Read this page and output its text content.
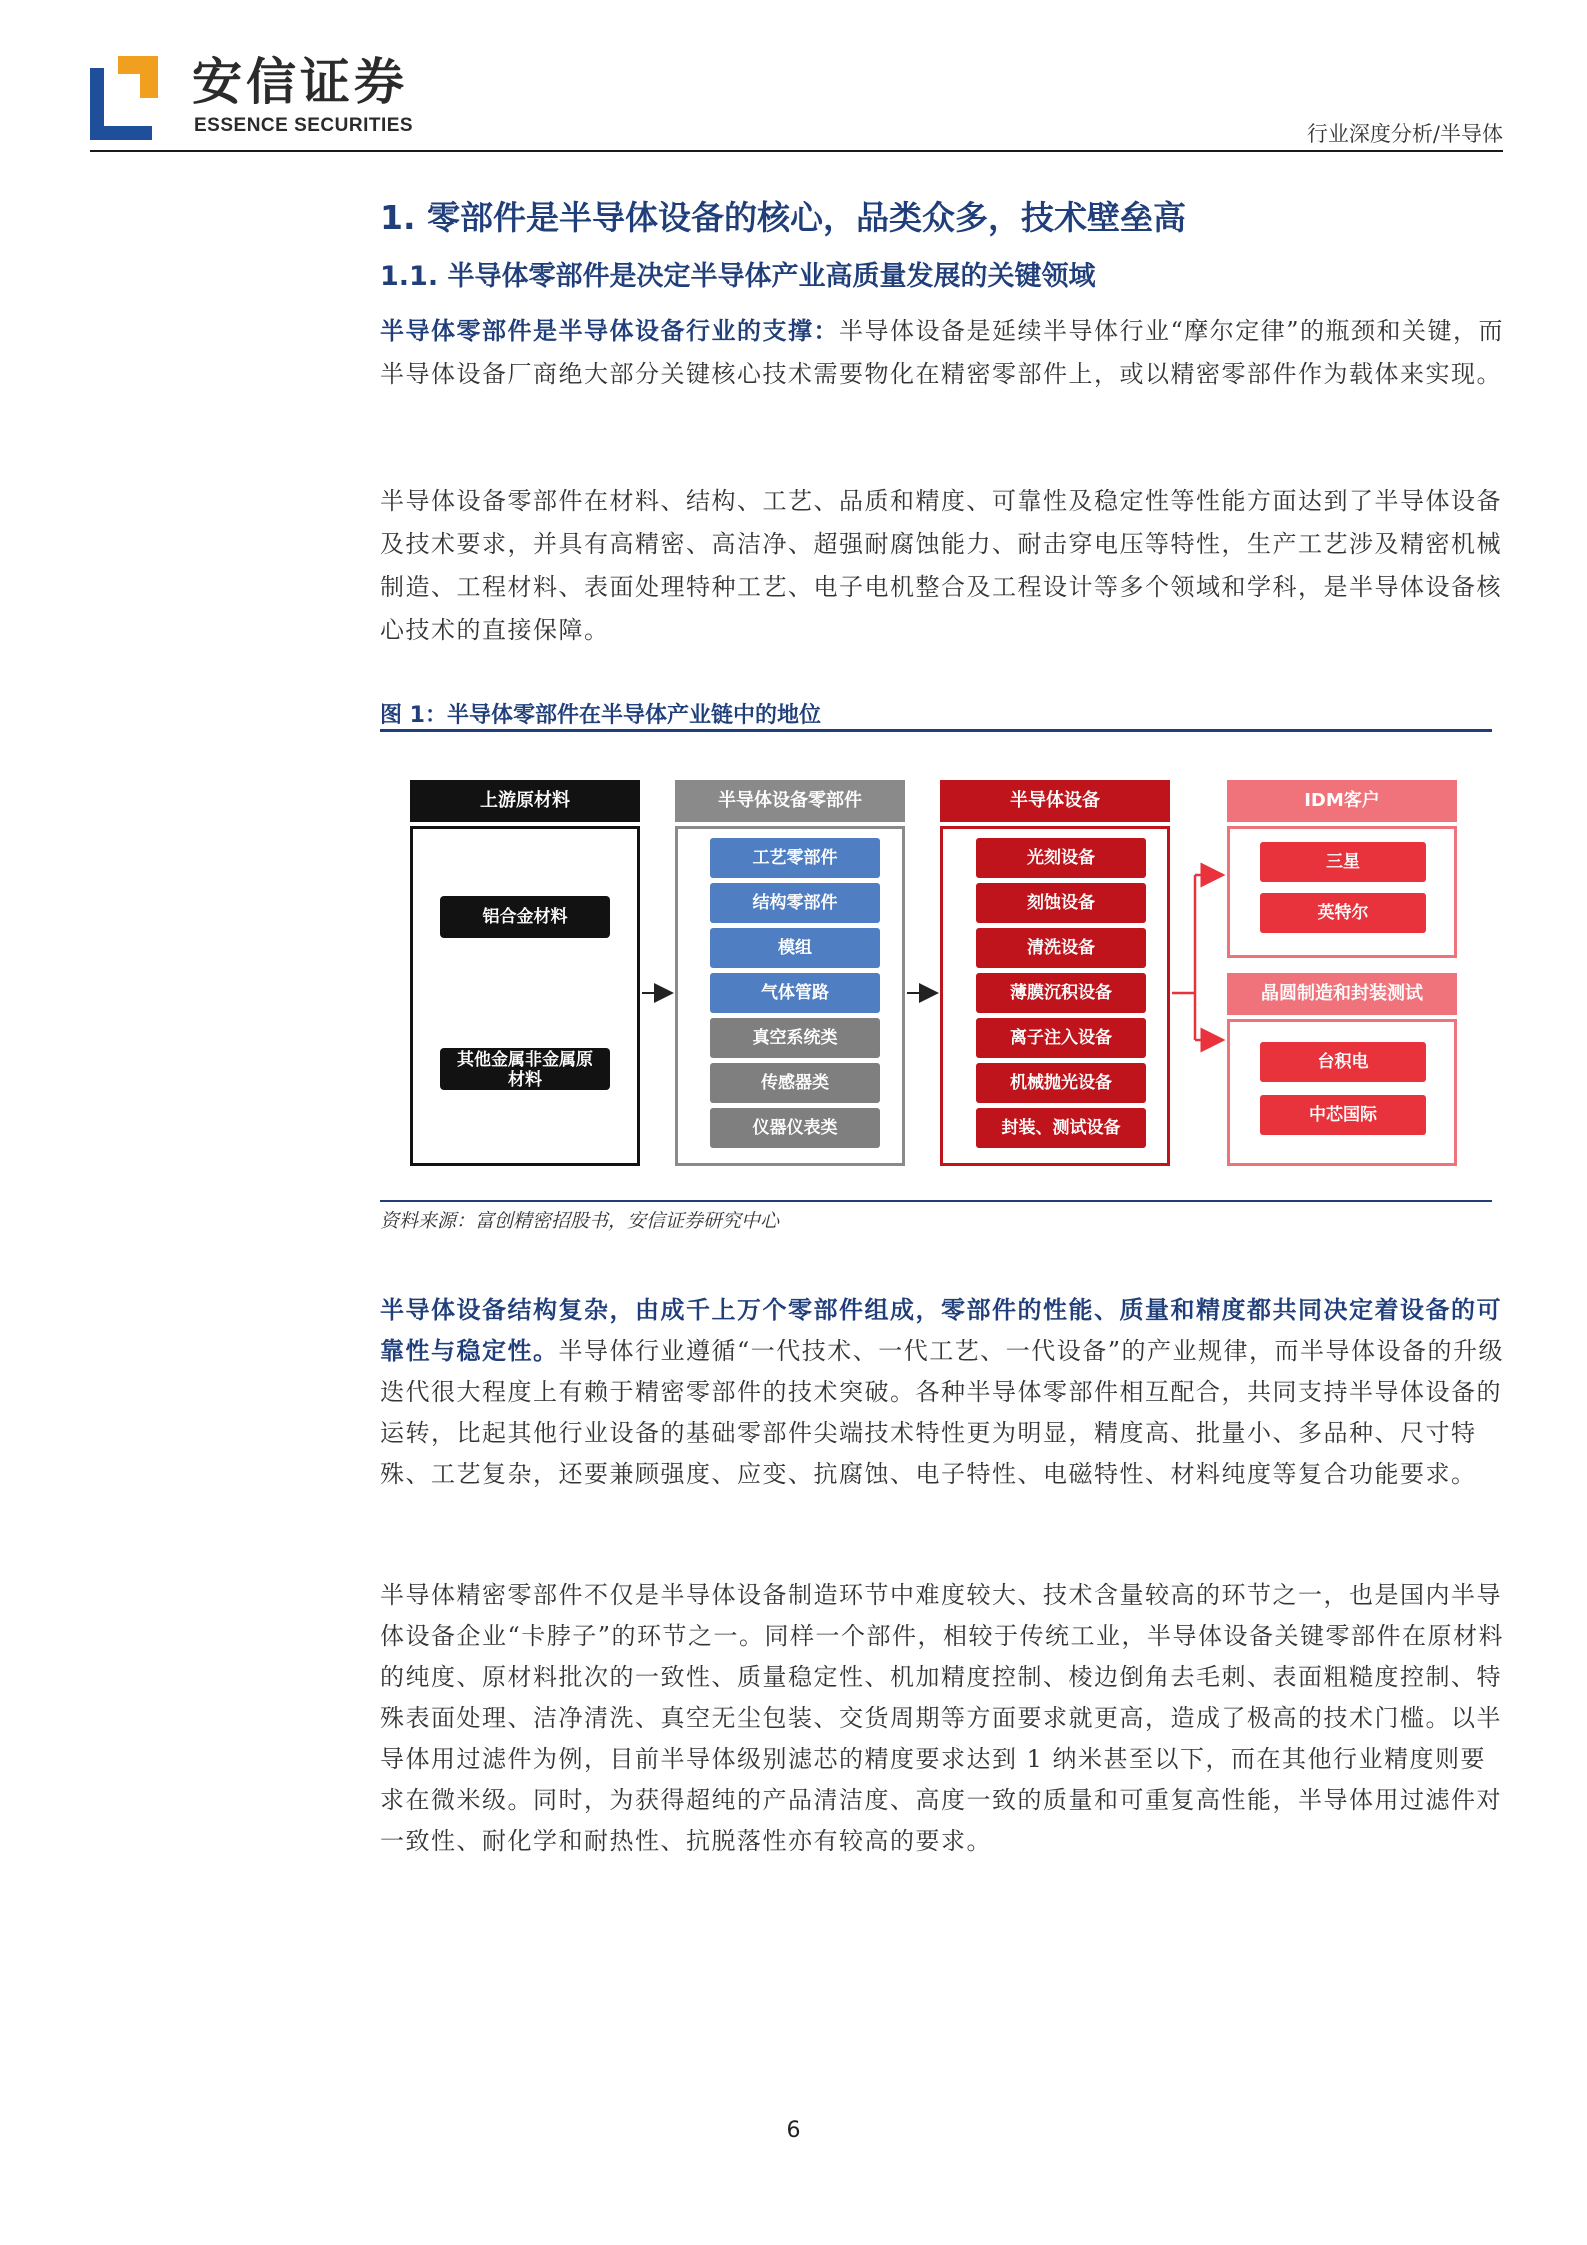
安信证券
ESSENCE SECURITIES	行业深度分析/半导体
1. 零部件是半导体设备的核心，品类众多，技术壁垒高
1.1. 半导体零部件是决定半导体产业高质量发展的关键领域

半导体零部件是半导体设备行业的支撑：半导体设备是延续半导体行业“摩尔定律”的瓶颈和关键，而半导体设备厂商绝大部分关键核心技术需要物化在精密零部件上，或以精密零部件作为载体来实现。

半导体设备零部件在材料、结构、工艺、品质和精度、可靠性及稳定性等性能方面达到了半导体设备及技术要求，并具有高精密、高洁净、超强耐腐蚀能力、耐击穿电压等特性，生产工艺涉及精密机械制造、工程材料、表面处理特种工艺、电子电机整合及工程设计等多个领域和学科，是半导体设备核心技术的直接保障。

图 1：半导体零部件在半导体产业链中的地位
上游原材料
铝合金材料
其他金属非金属原材料
半导体设备零部件
工艺零部件
结构零部件
模组
气体管路
真空系统类
传感器类
仪器仪表类
半导体设备
光刻设备
刻蚀设备
清洗设备
薄膜沉积设备
离子注入设备
机械抛光设备
封装、测试设备
IDM客户
三星
英特尔
晶圆制造和封装测试
台积电
中芯国际
资料来源：富创精密招股书，安信证券研究中心

半导体设备结构复杂，由成千上万个零部件组成，零部件的性能、质量和精度都共同决定着设备的可靠性与稳定性。半导体行业遵循“一代技术、一代工艺、一代设备”的产业规律，而半导体设备的升级迭代很大程度上有赖于精密零部件的技术突破。各种半导体零部件相互配合，共同支持半导体设备的运转，比起其他行业设备的基础零部件尖端技术特性更为明显，精度高、批量小、多品种、尺寸特殊、工艺复杂，还要兼顾强度、应变、抗腐蚀、电子特性、电磁特性、材料纯度等复合功能要求。

半导体精密零部件不仅是半导体设备制造环节中难度较大、技术含量较高的环节之一，也是国内半导体设备企业“卡脖子”的环节之一。同样一个部件，相较于传统工业，半导体设备关键零部件在原材料的纯度、原材料批次的一致性、质量稳定性、机加精度控制、棱边倒角去毛刺、表面粗糙度控制、特殊表面处理、洁净清洗、真空无尘包装、交货周期等方面要求就更高，造成了极高的技术门槛。以半导体用过滤件为例，目前半导体级别滤芯的精度要求达到 1 纳米甚至以下，而在其他行业精度则要求在微米级。同时，为获得超纯的产品清洁度、高度一致的质量和可重复高性能，半导体用过滤件对一致性、耐化学和耐热性、抗脱落性亦有较高的要求。

6
